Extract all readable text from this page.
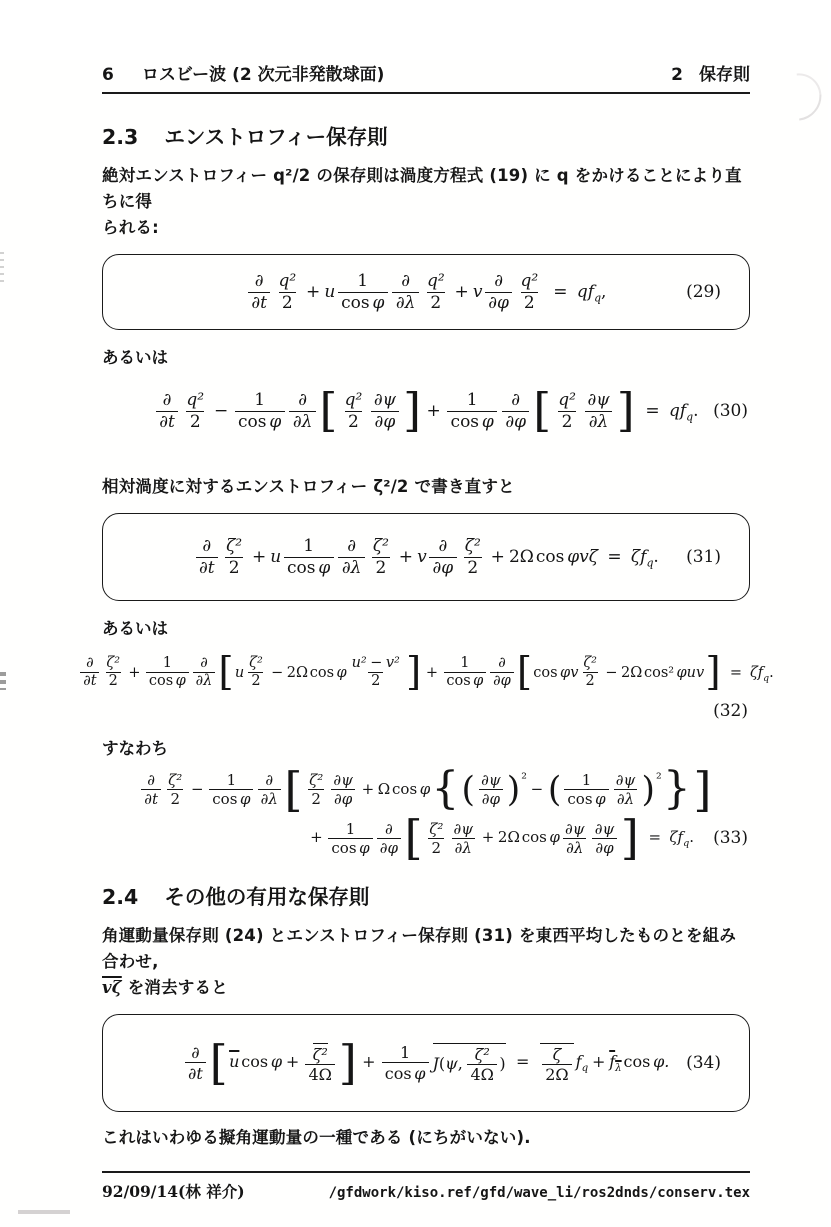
6 ロスビー波 (2 次元非発散球面)	2 保存則
2.3 エンストロフィー保存則
絶対エンストロフィー q²/2 の保存則は渦度方程式 (19) に q をかけることにより直ちに得
られる:
$\frac{\partial}{\partial t} \frac{\text{q²}}{2} + u \frac{1}{\text{cos φ}} \frac{\partial}{\partial\lambda} \frac{\text{q²}}{2} + v \frac{\partial}{\partial\varphi} \frac{\text{q²}}{2} = qf_q$,	(29)
あるいは
$\frac{\partial}{\partial t} \frac{\text{q²}}{2} - \frac{1}{\text{cos φ}} \frac{\partial}{\partial\lambda}$ [ $\frac{\text{q²}}{2} \frac{\partial\psi}{\partial\varphi}$ ] + $\frac{1}{\text{cos φ}} \frac{\partial}{\partial\varphi}$ [ $\frac{\text{q²}}{2} \frac{\partial\psi}{\partial\lambda}$ ] = $qf_q$. (30)
相対渦度に対するエンストロフィー ζ²/2 で書き直すと
$\frac{\partial}{\partial t} \frac{\text{ζ²}}{2} + u \frac{1}{\text{cos φ}} \frac{\partial}{\partial\lambda} \frac{\text{ζ²}}{2} + v \frac{\partial}{\partial\varphi} \frac{\text{ζ²}}{2} + 2\Omega$ $\cos \varphi v\zeta = \zeta f_q$. (31)
あるいは
$\frac{\partial}{\partial t} \frac{\text{ζ²}}{2} + \frac{1}{\text{cos φ}} \frac{\partial}{\partial\lambda} [u \frac{\text{ζ²}}{2} - 2\Omega$ cos φ $\frac{\text{u² − v²}}{2}$ ] + $\frac{1}{\text{cos φ}} \frac{\partial}{\partial\varphi} [\cos$ φv $\frac{\text{ζ²}}{2} - 2\Omega$ cos² $\varphi uv] = \zeta f_q$.
(32)
すなわち
$\frac{\partial}{\partial t} \frac{\text{ζ²}}{2} - \frac{1}{\text{cos φ}} \frac{\partial}{\partial\lambda}$ [ $\frac{\text{ζ²}}{2} \frac{\partial\psi}{\partial\varphi} + \Omega$ $\cos \varphi\{( \frac{\partial\psi}{\partial\varphi} )^2-$ ( $\frac{1}{\text{cos φ}} \frac{\partial\psi}{\partial\lambda} )^2$}]
+ $\frac{1}{\text{cos φ}} \frac{\partial}{\partial\varphi}$ [ $\frac{\text{ζ²}}{2} \frac{\partial\psi}{\partial\lambda} + 2\Omega$ cos φ $\frac{\partial\psi}{\partial\lambda} \frac{\partial\psi}{\partial\varphi}$ ] = $\zeta f_q$. (33)
2.4 その他の有用な保存則
角運動量保存則 (24) とエンストロフィー保存則 (31) を東西平均したものとを組み合わせ,
$\overline{v\zeta}$ を消去すると
$\frac{\partial}{\partial t} [\overline{u}$ $\cos \varphi + \frac{\text{ζ²}}{4\Omega}$ ] + $\frac{1}{\text{cos φ}} J(\psi$, $\frac{\text{ζ²}}{4\Omega}$ ) = $\frac{\zeta}{2\Omega} f_q + f_\lambda$ cos φ. (34)
これはいわゆる擬角運動量の一種である (にちがいない).
92/09/14(林 祥介)	/gfdwork/kiso.ref/gfd/wave_li/ros2dnds/conserv.tex
